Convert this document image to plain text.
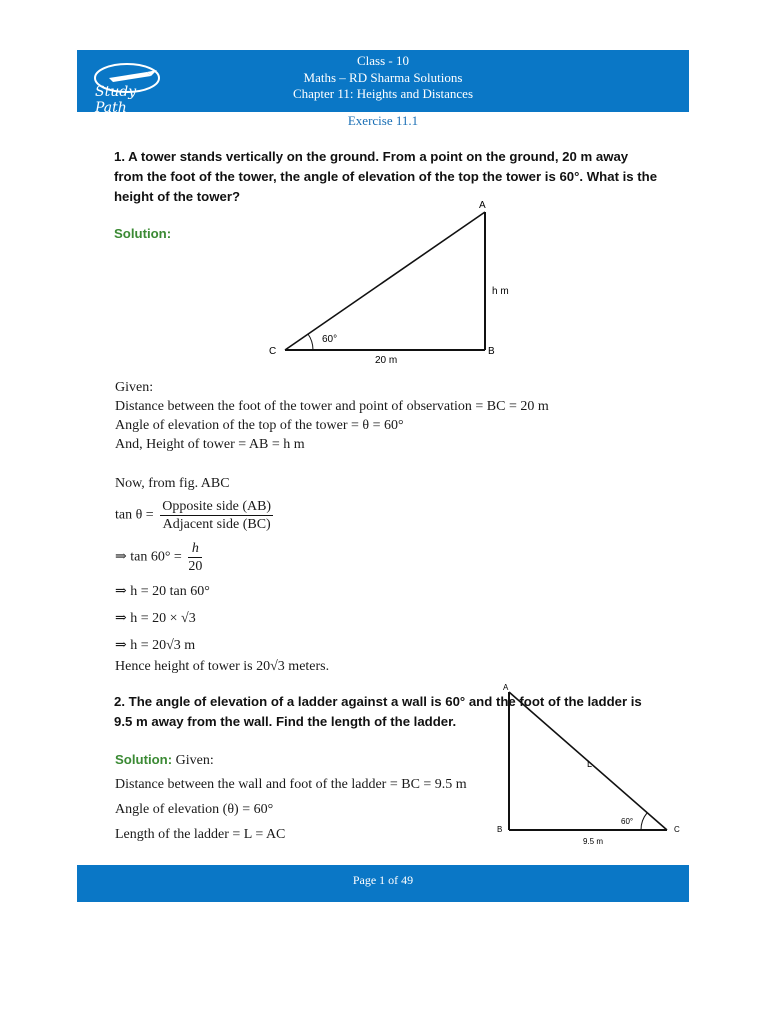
Study Path
Class - 10
Maths – RD Sharma Solutions
Chapter 11: Heights and Distances
Exercise 11.1
1. A tower stands vertically on the ground. From a point on the ground, 20 m away from the foot of the tower, the angle of elevation of the top the tower is 60°. What is the height of the tower?
Solution:
A
C	B
60°
h m
20 m
Given:
Distance between the foot of the tower and point of observation = BC = 20 m
Angle of elevation of the top of the tower = θ = 60°
And, Height of tower = AB = h m
Now, from fig. ABC
$\tan \theta = \frac{\text{Opposite side (AB)}}{\text{Adjacent side (BC)}}$
⇒ $\tan 60^\circ = \frac{h}{20}$
⇒ h = 20 tan 60°
⇒ h = 20 × √3
⇒ h = 20√3 m
Hence height of tower is 20√3 meters.
2. The angle of elevation of a ladder against a wall is 60° and the foot of the ladder is 9.5 m away from the wall. Find the length of the ladder.
Solution: Given:
Distance between the wall and foot of the ladder = BC = 9.5 m
Angle of elevation (θ) = 60°
Length of the ladder = L = AC
A
B	C
L
60°
9.5 m
Page 1 of 49
